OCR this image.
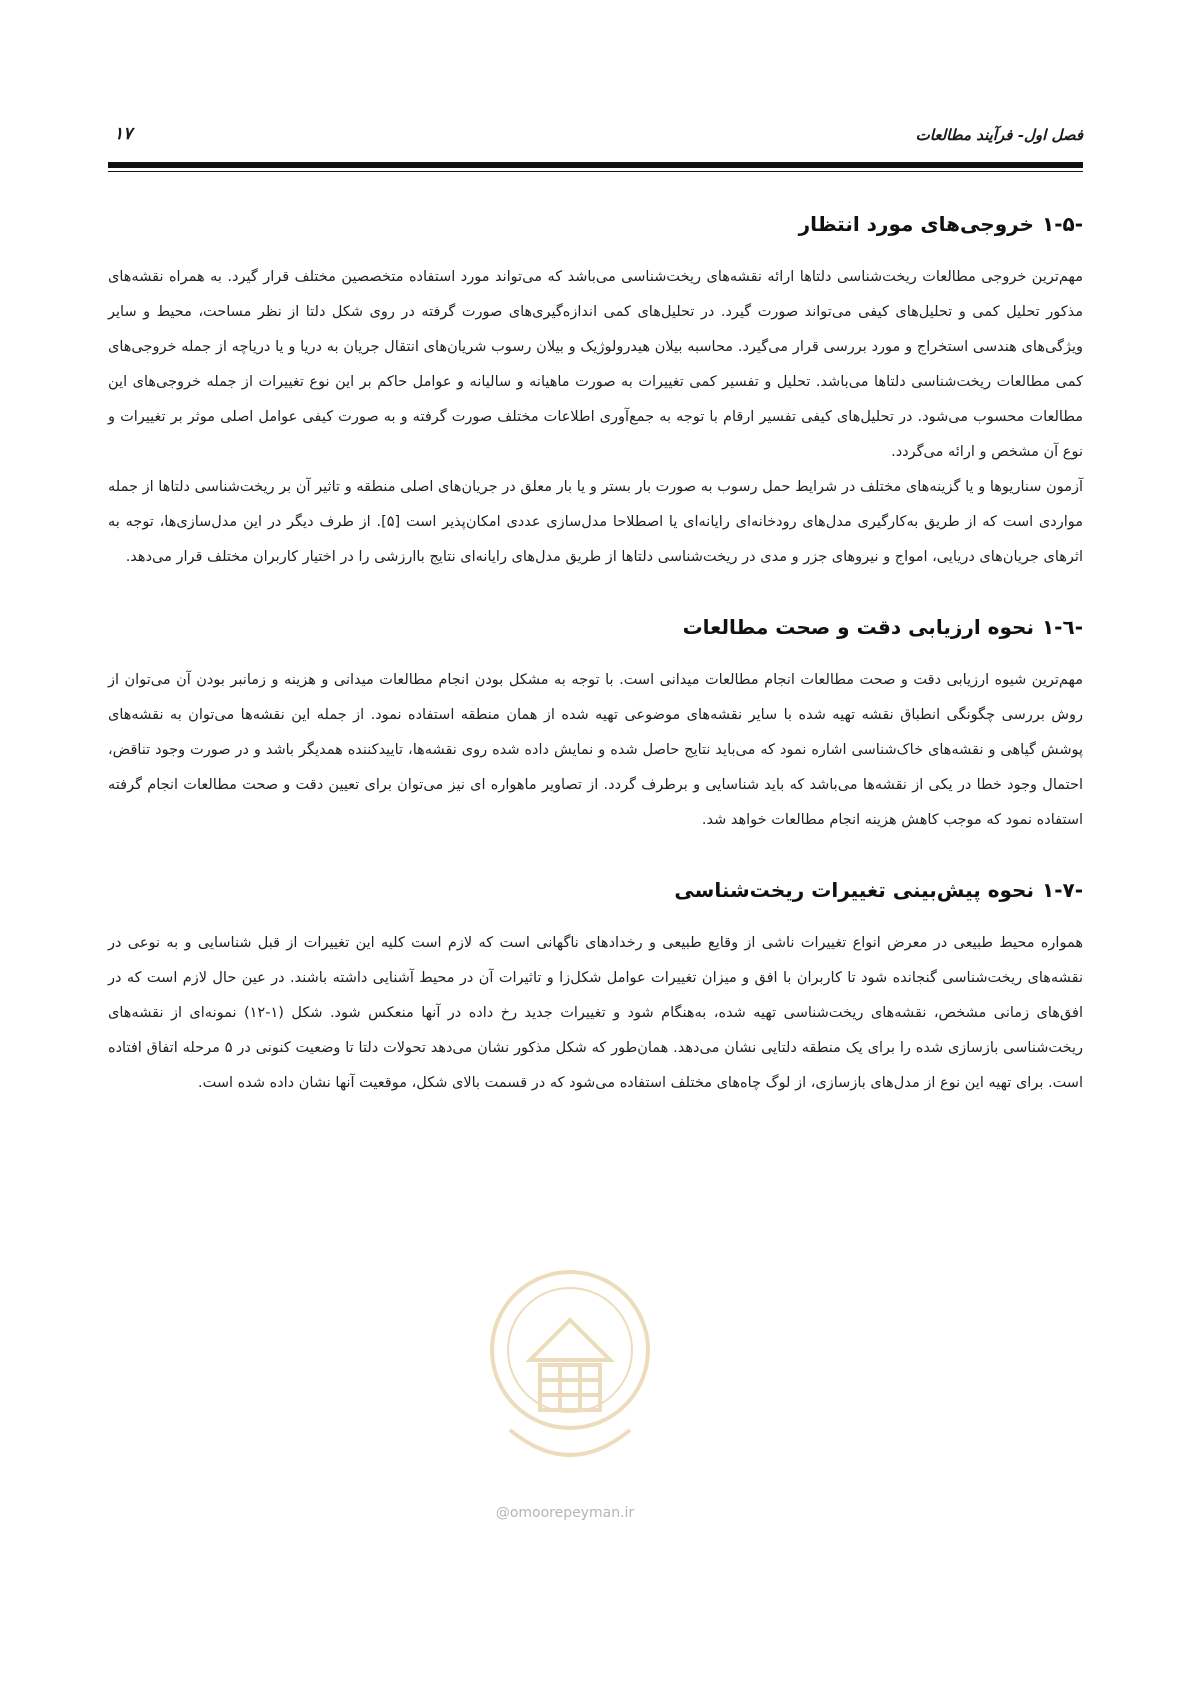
فصل اول- فرآیند مطالعات
۱۷
۱-۵-خروجی‌های مورد انتظار

مهم‌ترین خروجی مطالعات ریخت‌شناسی دلتاها ارائه نقشه‌های ریخت‌شناسی می‌باشد که می‌تواند مورد استفاده متخصصین مختلف قرار گیرد. به همراه نقشه‌های مذکور تحلیل کمی و تحلیل‌های کیفی می‌تواند صورت گیرد. در تحلیل‌های کمی اندازه‌گیری‌های صورت گرفته در روی شکل دلتا از نظر مساحت، محیط و سایر ویژگی‌های هندسی استخراج و مورد بررسی قرار می‌گیرد. محاسبه بیلان هیدرولوژیک و بیلان رسوب شریان‌های انتقال جریان به دریا و یا دریاچه از جمله خروجی‌های کمی مطالعات ریخت‌شناسی دلتاها می‌باشد. تحلیل و تفسیر کمی تغییرات به صورت ماهیانه و سالیانه و عوامل حاکم بر این نوع تغییرات از جمله خروجی‌های این مطالعات محسوب می‌شود. در تحلیل‌های کیفی تفسیر ارقام با توجه به جمع‌آوری اطلاعات مختلف صورت گرفته و به صورت کیفی عوامل اصلی موثر بر تغییرات و نوع آن مشخص و ارائه می‌گردد.

آزمون سناریوها و یا گزینه‌های مختلف در شرایط حمل رسوب به صورت بار بستر و یا بار معلق در جریان‌های اصلی منطقه و تاثیر آن بر ریخت‌شناسی دلتاها از جمله مواردی است که از طریق به‌کارگیری مدل‌های رودخانه‌ای رایانه‌ای یا اصطلاحا مدل‌سازی عددی امکان‌پذیر است [۵]. از طرف دیگر در این مدل‌سازی‌ها، توجه به اثرهای جریان‌های دریایی، امواج و نیروهای جزر و مدی در ریخت‌شناسی دلتاها از طریق مدل‌های رایانه‌ای نتایج باارزشی را در اختیار کاربران مختلف قرار می‌دهد.

۱-٦-نحوه ارزیابی دقت و صحت مطالعات

مهم‌ترین شیوه ارزیابی دقت و صحت مطالعات انجام مطالعات میدانی است. با توجه به مشکل بودن انجام مطالعات میدانی و هزینه و زمانبر بودن آن می‌توان از روش بررسی چگونگی انطباق نقشه تهیه شده با سایر نقشه‌های موضوعی تهیه شده از همان منطقه استفاده نمود. از جمله این نقشه‌ها می‌توان به نقشه‌های پوشش گیاهی و نقشه‌های خاک‌شناسی اشاره نمود که می‌باید نتایج حاصل شده و نمایش داده شده روی نقشه‌ها، تاییدکننده همدیگر باشد و در صورت وجود تناقض، احتمال وجود خطا در یکی از نقشه‌ها می‌باشد که باید شناسایی و برطرف گردد. از تصاویر ماهواره ای نیز می‌توان برای تعیین دقت و صحت مطالعات انجام گرفته استفاده نمود که موجب کاهش هزینه انجام مطالعات خواهد شد.

۱-۷-نحوه پیش‌بینی تغییرات ریخت‌شناسی

همواره محیط طبیعی در معرض انواع تغییرات ناشی از وقایع طبیعی و رخدادهای ناگهانی است که لازم است کلیه این تغییرات از قبل شناسایی و به نوعی در نقشه‌های ریخت‌شناسی گنجانده شود تا کاربران با افق و میزان تغییرات عوامل شکل‌زا و تاثیرات آن در محیط آشنایی داشته باشند. در عین حال لازم است که در افق‌های زمانی مشخص، نقشه‌های ریخت‌شناسی تهیه شده، به‌هنگام شود و تغییرات جدید رخ داده در آنها منعکس شود. شکل (۱-۱۲) نمونه‌ای از نقشه‌های ریخت‌شناسی بازسازی شده را برای یک منطقه دلتایی نشان می‌دهد. همان‌طور که شکل مذکور نشان می‌دهد تحولات دلتا تا وضعیت کنونی در ۵ مرحله اتفاق افتاده است. برای تهیه این نوع از مدل‌های بازسازی، از لوگ چاه‌های مختلف استفاده می‌شود که در قسمت بالای شکل، موقعیت آنها نشان داده شده است.

@omoorepeyman.ir
